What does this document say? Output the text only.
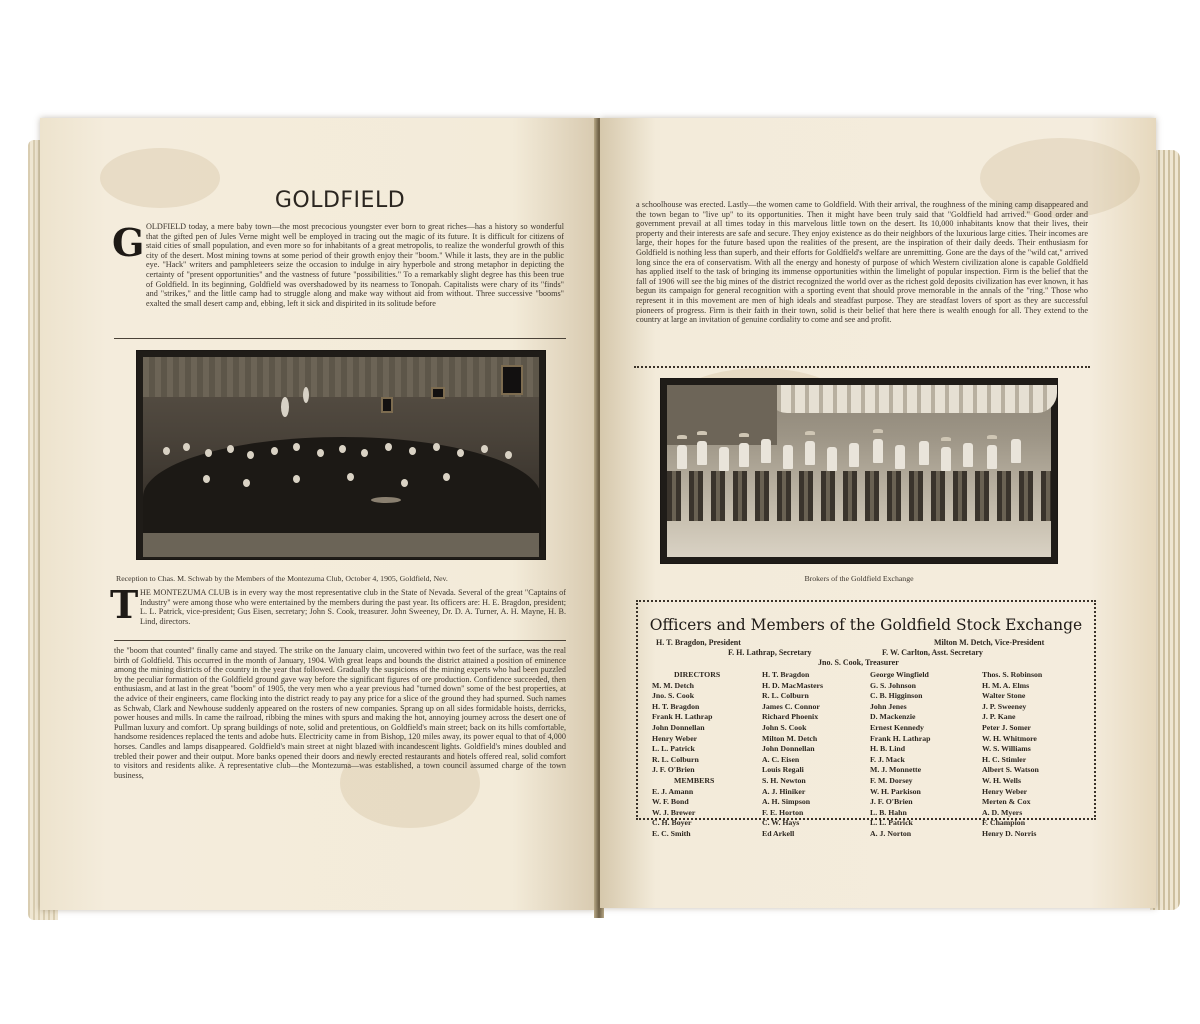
GOLDFIELD
G OLDFIELD today, a mere baby town—the most precocious youngster ever born to great riches—has a history so wonderful that the gifted pen of Jules Verne might well be employed in tracing out the magic of its future. It is difficult for citizens of staid cities of small population, and even more so for inhabitants of a great metropolis, to realize the wonderful growth of this city of the desert. Most mining towns at some period of their growth enjoy their "boom." While it lasts, they are in the public eye. "Hack" writers and pamphleteers seize the occasion to indulge in airy hyperbole and strong metaphor in depicting the certainty of "present opportunities" and the vastness of future "possibilities." To a remarkably slight degree has this been true of Goldfield. In its beginning, Goldfield was overshadowed by its nearness to Tonopah. Capitalists were chary of its "finds" and "strikes," and the little camp had to struggle along and make way without aid from without. Three successive "booms" exalted the small desert camp and, ebbing, left it sick and dispirited in its solitude before
Reception to Chas. M. Schwab by the Members of the Montezuma Club, October 4, 1905, Goldfield, Nev.
T HE MONTEZUMA CLUB is in every way the most representative club in the State of Nevada. Several of the great "Captains of Industry" were among those who were entertained by the members during the past year. Its officers are: H. E. Bragdon, president; L. L. Patrick, vice-president; Gus Eisen, secretary; John S. Cook, treasurer. John Sweeney, Dr. D. A. Turner, A. H. Mayne, H. B. Lind, directors.
the "boom that counted" finally came and stayed. The strike on the January claim, uncovered within two feet of the surface, was the real birth of Goldfield. This occurred in the month of January, 1904. With great leaps and bounds the district attained a position of eminence among the mining districts of the country in the year that followed. Gradually the suspicions of the mining experts who had been puzzled by the peculiar formation of the Goldfield ground gave way before the significant figures of ore production. Confidence succeeded, then enthusiasm, and at last in the great "boom" of 1905, the very men who a year previous had "turned down" some of the best properties, at the advice of their engineers, came flocking into the district ready to pay any price for a slice of the ground they had spurned. Such names as Schwab, Clark and Newhouse suddenly appeared on the rosters of new companies. Sprang up on all sides formidable hoists, derricks, power houses and mills. In came the railroad, ribbing the mines with spurs and making the hot, annoying journey across the desert one of Pullman luxury and comfort. Up sprang buildings of note, solid and pretentious, on Goldfield's main street; back on its hills comfortable, handsome residences replaced the tents and adobe huts. Electricity came in from Bishop, 120 miles away, its power equal to that of 4,000 horses. Candles and lamps disappeared. Goldfield's main street at night blazed with incandescent lights. Goldfield's mines doubled and trebled their power and their output. More banks opened their doors and newly erected restaurants and hotels offered real, solid comfort to visitors and residents alike. A representative club—the Montezuma—was established, a town council assumed charge of the town business,
a schoolhouse was erected. Lastly—the women came to Goldfield. With their arrival, the roughness of the mining camp disappeared and the town began to "live up" to its opportunities. Then it might have been truly said that "Goldfield had arrived." Good order and government prevail at all times today in this marvelous little town on the desert. Its 10,000 inhabitants know that their lives, their property and their interests are safe and secure. They enjoy existence as do their neighbors of the luxurious large cities. Their incomes are large, their hopes for the future based upon the realities of the present, are the inspiration of their daily deeds. Their enthusiasm for Goldfield is nothing less than superb, and their efforts for Goldfield's welfare are unremitting. Gone are the days of the "wild cat," arrived long since the era of conservatism. With all the energy and honesty of purpose of which Western civilization alone is capable Goldfield has applied itself to the task of bringing its immense opportunities within the limelight of popular inspection. Firm is the belief that the fall of 1906 will see the big mines of the district recognized the world over as the richest gold deposits civilization has ever known, it has begun its campaign for general recognition with a sporting event that should prove memorable in the annals of the "ring." Those who represent it in this movement are men of high ideals and steadfast purpose. They are steadfast lovers of sport as they are successful pioneers of progress. Firm is their faith in their town, solid is their belief that here there is wealth enough for all. They extend to the country at large an invitation of genuine cordiality to come and see and profit.
Brokers of the Goldfield Exchange
Officers and Members of the Goldfield Stock Exchange
H. T. Bragdon, President	Milton M. Detch, Vice-President
F. H. Lathrap, Secretary	F. W. Carlton, Asst. Secretary
Jno. S. Cook, Treasurer
DIRECTORS
M. M. Detch
Jno. S. Cook
H. T. Bragdon
Frank H. Lathrap
John Donnellan
Henry Weber
L. L. Patrick
R. L. Colburn
J. F. O'Brien
MEMBERS
E. J. Amann
W. F. Bond
W. J. Brewer
C. H. Boyer
E. C. Smith
H. T. Bragdon
H. D. MacMasters
R. L. Colburn
James C. Connor
Richard Phoenix
John S. Cook
Milton M. Detch
John Donnellan
A. C. Eisen
Louis Regali
S. H. Newton
A. J. Hiniker
A. H. Simpson
F. E. Horton
C. W. Hays
Ed Arkell
George Wingfield
G. S. Johnson
C. B. Higginson
John Jenes
D. Mackenzie
Ernest Kennedy
Frank H. Lathrap
H. B. Lind
F. J. Mack
M. J. Monnette
F. M. Dorsey
W. H. Parkison
J. F. O'Brien
L. B. Hahn
L. L. Patrick
A. J. Norton
Thos. S. Robinson
H. M. A. Elms
Walter Stone
J. P. Sweeney
J. P. Kane
Peter J. Somer
W. H. Whitmore
W. S. Williams
H. C. Stimler
Albert S. Watson
W. H. Wells
Henry Weber
Merten & Cox
A. D. Myers
F. Champion
Henry D. Norris
